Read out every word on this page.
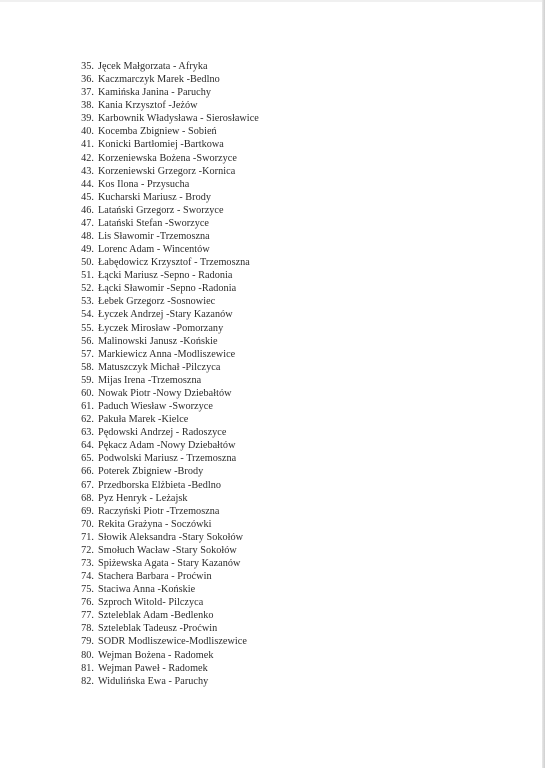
35. Jęcek Małgorzata - Afryka
36. Kaczmarczyk Marek -Bedlno
37. Kamińska Janina - Paruchy
38. Kania Krzysztof -Jeżów
39. Karbownik Władysława - Sierosławice
40. Kocemba Zbigniew - Sobień
41. Konicki Bartłomiej -Bartkowa
42. Korzeniewska Bożena -Sworzyce
43. Korzeniewski Grzegorz -Kornica
44. Kos Ilona - Przysucha
45. Kucharski Mariusz - Brody
46. Latański Grzegorz - Sworzyce
47. Latański Stefan -Sworzyce
48. Lis Sławomir -Trzemoszna
49. Lorenc Adam - Wincentów
50. Łabędowicz Krzysztof - Trzemoszna
51. Łącki Mariusz -Sepno - Radonia
52. Łącki Sławomir -Sepno -Radonia
53. Łebek Grzegorz -Sosnowiec
54. Łyczek Andrzej -Stary Kazanów
55. Łyczek Mirosław -Pomorzany
56. Malinowski Janusz -Końskie
57. Markiewicz Anna -Modliszewice
58. Matuszczyk Michał -Pilczyca
59. Mijas Irena -Trzemoszna
60. Nowak Piotr -Nowy Dziebałtów
61. Paduch Wiesław -Sworzyce
62. Pakuła Marek -Kielce
63. Pędowski Andrzej - Radoszyce
64. Pękacz Adam -Nowy Dziebałtów
65. Podwolski Mariusz - Trzemoszna
66. Poterek Zbigniew -Brody
67. Przedborska Elżbieta -Bedlno
68. Pyz Henryk - Leżajsk
69. Raczyński Piotr -Trzemoszna
70. Rekita Grażyna - Soczówki
71. Słowik Aleksandra -Stary Sokołów
72. Smołuch Wacław -Stary Sokołów
73. Spiżewska Agata - Stary Kazanów
74. Stachera Barbara - Proćwin
75. Staciwa Anna -Końskie
76. Szproch Witold- Pilczyca
77. Szteleblak Adam -Bedlenko
78. Szteleblak Tadeusz -Proćwin
79. SODR Modliszewice-Modliszewice
80. Wejman Bożena - Radomek
81. Wejman Paweł - Radomek
82. Widulińska Ewa - Paruchy
